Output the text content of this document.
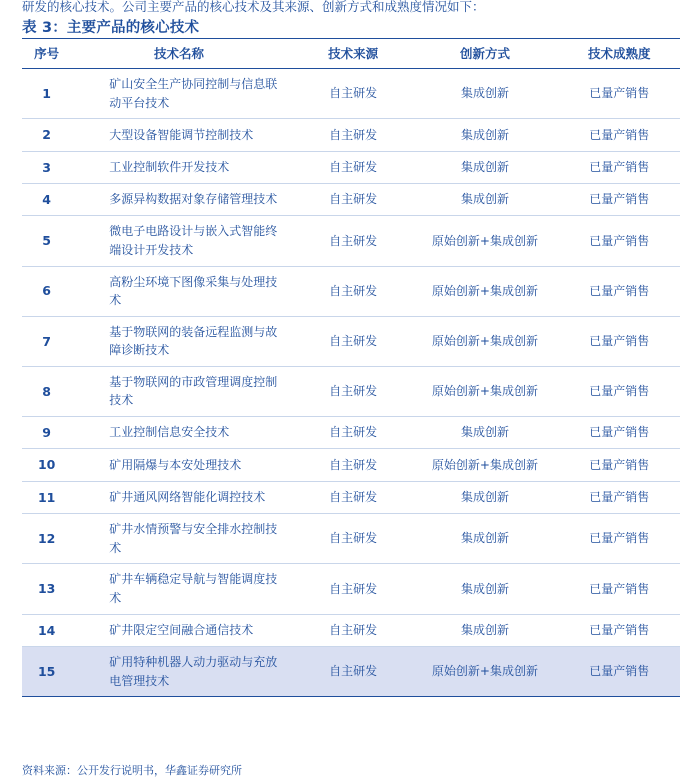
研发的核心技术。公司主要产品的核心技术及其来源、创新方式和成熟度情况如下：
表 3：主要产品的核心技术
序号	技术名称	技术来源	创新方式	技术成熟度
1	矿山安全生产协同控制与信息联动平台技术	自主研发	集成创新	已量产销售
2	大型设备智能调节控制技术	自主研发	集成创新	已量产销售
3	工业控制软件开发技术	自主研发	集成创新	已量产销售
4	多源异构数据对象存储管理技术	自主研发	集成创新	已量产销售
5	微电子电路设计与嵌入式智能终端设计开发技术	自主研发	原始创新+集成创新	已量产销售
6	高粉尘环境下图像采集与处理技术	自主研发	原始创新+集成创新	已量产销售
7	基于物联网的装备远程监测与故障诊断技术	自主研发	原始创新+集成创新	已量产销售
8	基于物联网的市政管理调度控制技术	自主研发	原始创新+集成创新	已量产销售
9	工业控制信息安全技术	自主研发	集成创新	已量产销售
10	矿用隔爆与本安处理技术	自主研发	原始创新+集成创新	已量产销售
11	矿井通风网络智能化调控技术	自主研发	集成创新	已量产销售
12	矿井水情预警与安全排水控制技术	自主研发	集成创新	已量产销售
13	矿井车辆稳定导航与智能调度技术	自主研发	集成创新	已量产销售
14	矿井限定空间融合通信技术	自主研发	集成创新	已量产销售
15	矿用特种机器人动力驱动与充放电管理技术	自主研发	原始创新+集成创新	已量产销售
资料来源：公开发行说明书，华鑫证券研究所
